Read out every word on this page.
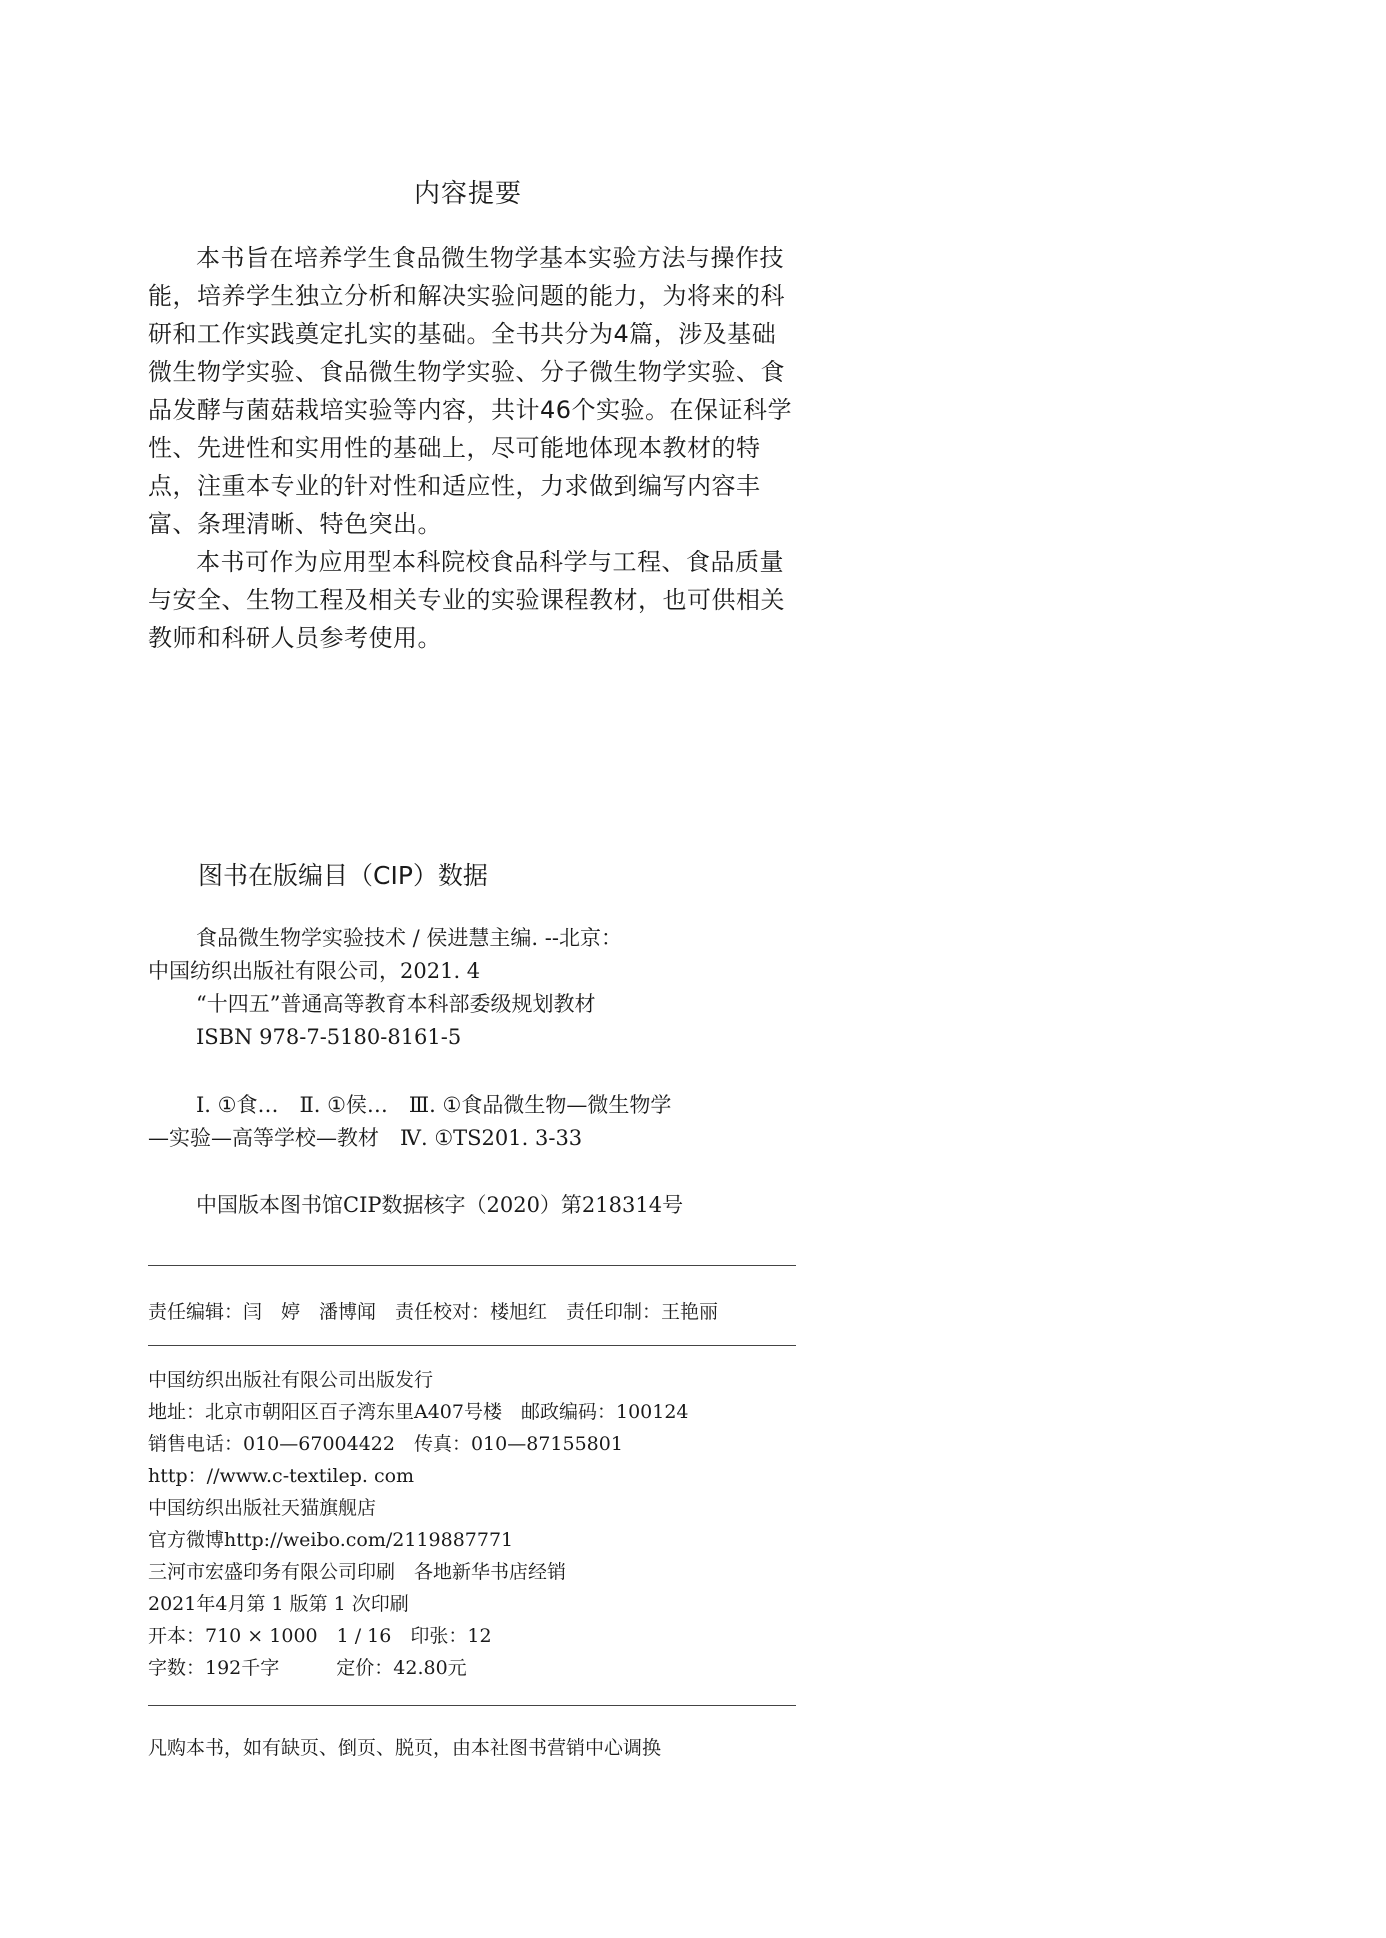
内容提要
本书旨在培养学生食品微生物学基本实验方法与操作技
能，培养学生独立分析和解决实验问题的能力，为将来的科
研和工作实践奠定扎实的基础。全书共分为4篇，涉及基础
微生物学实验、食品微生物学实验、分子微生物学实验、食
品发酵与菌菇栽培实验等内容，共计46个实验。在保证科学
性、先进性和实用性的基础上，尽可能地体现本教材的特
点，注重本专业的针对性和适应性，力求做到编写内容丰
富、条理清晰、特色突出。
本书可作为应用型本科院校食品科学与工程、食品质量
与安全、生物工程及相关专业的实验课程教材，也可供相关
教师和科研人员参考使用。
图书在版编目（CIP）数据
食品微生物学实验技术 / 侯进慧主编. --北京：
中国纺织出版社有限公司，2021. 4
“十四五”普通高等教育本科部委级规划教材
ISBN 978-7-5180-8161-5
Ⅰ. ①食…　Ⅱ. ①侯…　Ⅲ. ①食品微生物—微生物学
—实验—高等学校—教材　Ⅳ. ①TS201. 3-33
中国版本图书馆CIP数据核字（2020）第218314号
责任编辑：闫　婷　潘博闻　责任校对：楼旭红　责任印制：王艳丽
中国纺织出版社有限公司出版发行
地址：北京市朝阳区百子湾东里A407号楼　邮政编码：100124
销售电话：010—67004422　传真：010—87155801
http：//www.c-textilep. com
中国纺织出版社天猫旗舰店
官方微博http://weibo.com/2119887771
三河市宏盛印务有限公司印刷　各地新华书店经销
2021年4月第 1 版第 1 次印刷
开本：710 × 1000　1 / 16　印张：12
字数：192千字　　　定价：42.80元
凡购本书，如有缺页、倒页、脱页，由本社图书营销中心调换
